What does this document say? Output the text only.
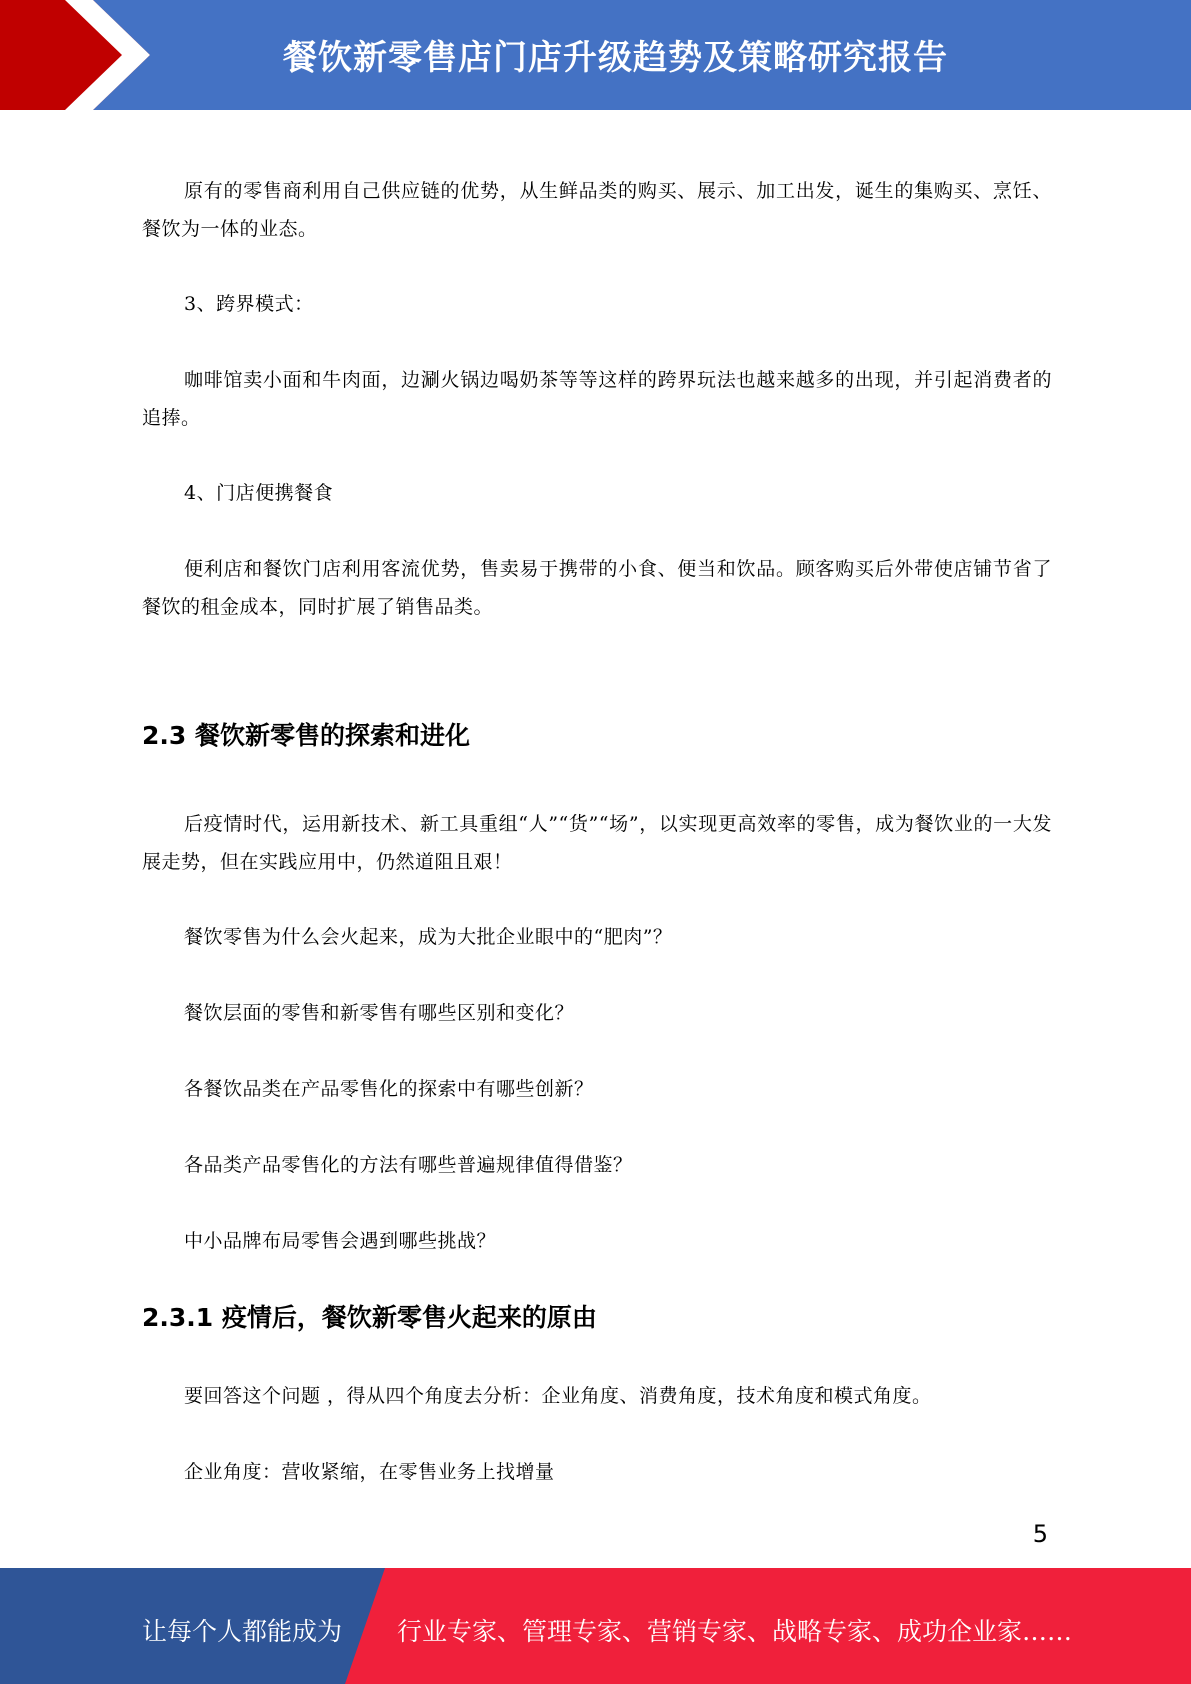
餐饮新零售店门店升级趋势及策略研究报告
原有的零售商利用自己供应链的优势，从生鲜品类的购买、展示、加工出发，诞生的集购买、烹饪、餐饮为一体的业态。
3、跨界模式：
咖啡馆卖小面和牛肉面，边涮火锅边喝奶茶等等这样的跨界玩法也越来越多的出现，并引起消费者的追捧。
4、门店便携餐食
便利店和餐饮门店利用客流优势，售卖易于携带的小食、便当和饮品。顾客购买后外带使店铺节省了餐饮的租金成本，同时扩展了销售品类。
2.3 餐饮新零售的探索和进化
后疫情时代，运用新技术、新工具重组“人”“货”“场”，以实现更高效率的零售，成为餐饮业的一大发展走势，但在实践应用中，仍然道阻且艰！
餐饮零售为什么会火起来，成为大批企业眼中的“肥肉”？
餐饮层面的零售和新零售有哪些区别和变化？
各餐饮品类在产品零售化的探索中有哪些创新？
各品类产品零售化的方法有哪些普遍规律值得借鉴？
中小品牌布局零售会遇到哪些挑战？
2.3.1 疫情后，餐饮新零售火起来的原由
要回答这个问题 ，得从四个角度去分析：企业角度、消费角度，技术角度和模式角度。
企业角度：营收紧缩，在零售业务上找增量
5
让每个人都能成为 行业专家、管理专家、营销专家、战略专家、成功企业家……
